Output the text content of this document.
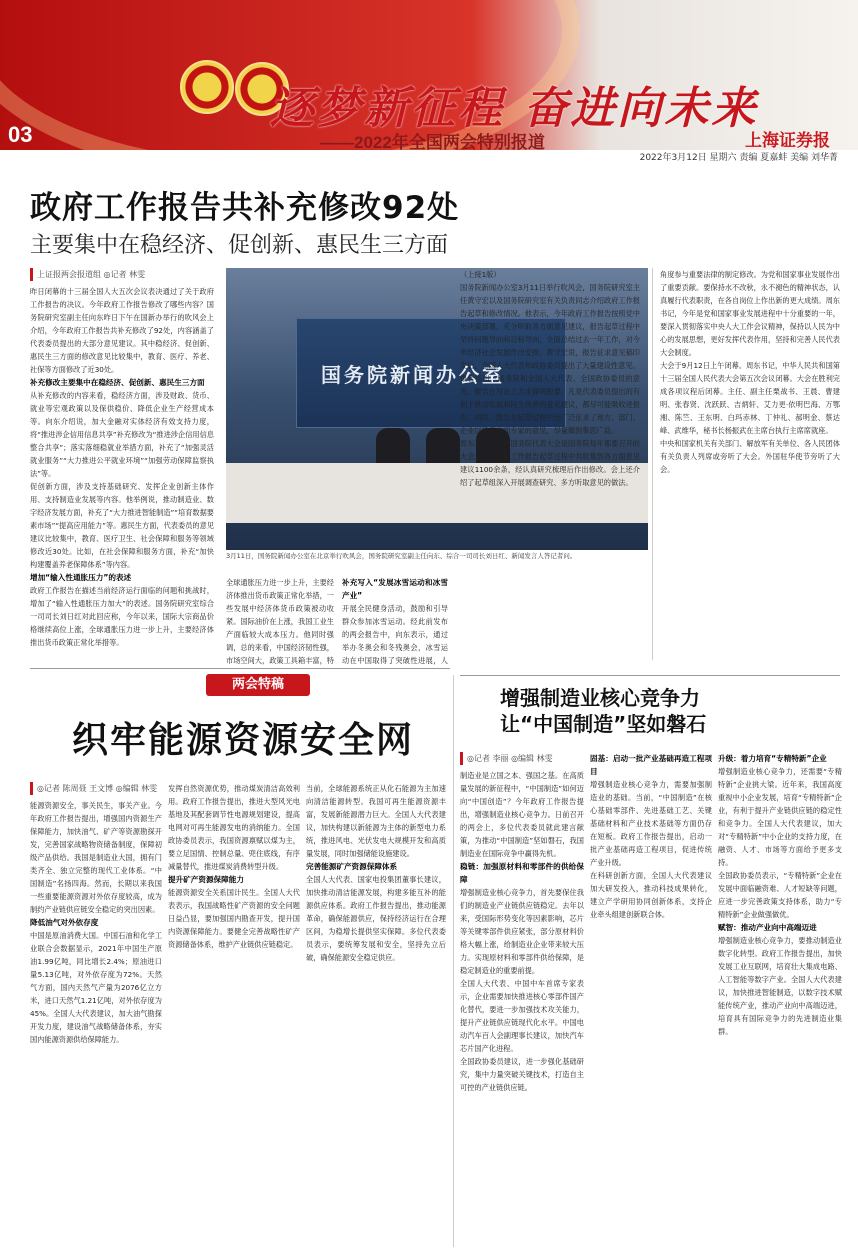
逐梦新征程 奋进向未来
——2022年全国两会特别报道
03	上海证券报
2022年3月12日 星期六 责编 夏嘉蚌 美编 刘华菁
政府工作报告共补充修改92处
主要集中在稳经济、促创新、惠民生三方面
上证报两会报道组 ◎记者 林雯

昨日闭幕的十三届全国人大五次会议表决通过了关于政府工作报告的决议。今年政府工作报告修改了哪些内容？国务院研究室副主任向东昨日下午在国新办举行的吹风会上介绍，今年政府工作报告共补充修改了92处，内容涵盖了代表委员提出的大部分意见建议。其中稳经济、促创新、惠民生三方面的修改意见比较集中，教育、医疗、养老、社保等方面修改了近30处。

补充修改主要集中在稳经济、促创新、惠民生三方面

从补充修改的内容来看，稳经济方面，涉及财政、货币、就业等宏观政策以及保供稳价、降低企业生产经营成本等。向东介绍说，加大金融对实体经济有效支持力度，将“推进涉企信用信息共享”补充修改为“推进涉企信用信息整合共享”；落实落细稳就业举措方面，补充了“加强灵活就业服务”“大力推进公平就业环境”“加强劳动保障监察执法”等。

促创新方面，涉及支持基础研究、发挥企业创新主体作用、支持制造业发展等内容。他举例说，推动制造业、数字经济发展方面，补充了“大力推进智能制造”“培育数据要素市场”“提高应用能力”等。惠民生方面，代表委员的意见建议比较集中，教育、医疗卫生、社会保障和服务等领域修改近30处。比如，在社会保障和服务方面，补充“加快构建覆盖养老保障体系”等内容。

增加“输入性通胀压力”的表述

政府工作报告在描述当前经济运行面临的问题和挑战时，增加了“输入性通胀压力加大”的表述。国务院研究室综合一司司长刘日红对此回应称，今年以来，国际大宗商品价格继续高位上涨，全球通胀压力进一步上升，主要经济体推出货币政策正常化举措等。

国务院新闻办公室
3月11日，国务院新闻办公室在北京举行吹风会，国务院研究室副主任向东、综合一司司长刘日红、新闻发言人答记者问。

全球通胀压力进一步上升，主要经济体推出货币政策正常化举措，一些发展中经济体货币政策被动收紧。国际油价在上涨，我国工业生产面临较大成本压力。他同时强调，总的来看，中国经济韧性强，市场空间大，政策工具箱丰富，特

补充写入“发展冰雪运动和冰雪产业”

开展全民健身活动，鼓励和引导群众参加冰雪运动。经此前发布的两会报告中，向东表示，通过举办冬奥会和冬残奥会，冰雪运动在中国取得了突破性进展，人

（上接1版）

国务院新闻办公室3月11日举行吹风会，国务院研究室主任黄守宏以及国务院研究室有关负责同志介绍政府工作报告起草和修改情况。他表示，今年政府工作报告按照党中央决策部署，充分听取各方面意见建议，报告起草过程中坚持问题导向和目标导向，全面总结过去一年工作，对今年经济社会发展作出安排。黄守宏说，报告征求意见稿印发后，全国人大代表和政协委员提出了大量建设性意见。

报告指出，国务院和全国人大代表、全国政协委员的意见，报告在写法上力求简明扼要，凡是代表委员提出的有利于推动发展和民生改善的意见建议，都尽可能吸收进报告。同时，报告在起草过程中还广泛征求了地方、部门、企业以及各方面专家的意见，尽量做到集思广益。

周东表示，本届国务院代表大会是国务院每年都要召开的大会之一，政府工作报告起草过程中共收集到各方面意见建议1100余条，经认真研究梳理后作出修改。会上还介绍了起草组深入开展调查研究、多方听取意见的做法。

角度参与重要法律的制定修改。为党和国家事业发展作出了重要贡献。要保持水不改秋，永不褪色的精神状态，认真履行代表职责，在各自岗位上作出新的更大成绩。周东书记，今年是党和国家事业发展进程中十分重要的一年，要深入贯彻落实中央人大工作会议精神，保持以人民为中心的发展思想，更好发挥代表作用，坚持和完善人民代表大会制度。

大会于9月12日上午闭幕。周东书记，中华人民共和国第十三届全国人民代表大会第五次会议闭幕。大会在胜利完成各项议程后闭幕。主任、副主任栗战书、王晨、曹建明、张春贤、沈跃跃、吉炳轩、艾力更·依明巴海、万鄂湘、陈竺、王东明、白玛赤林、丁仲礼、郝明金、蔡达峰、武维华，秘书长杨振武在主席台执行主席席就座。

中央和国家机关有关部门、解放军有关单位、各人民团体有关负责人列席或旁听了大会。外国驻华使节旁听了大会。

增强制造业核心竞争力
让“中国制造”坚如磐石
◎记者 李丽 ◎编辑 林雯

制造业是立国之本、强国之基。在高质量发展的新征程中，“中国制造”如何迈向“中国创造”？今年政府工作报告提出，增强制造业核心竞争力。日前召开的两会上，多位代表委员就此建言献策，为推动“中国制造”坚如磐石，我国制造业在国际竞争中赢得先机。

稳链：加强原材料和零部件的供给保障

增强制造业核心竞争力，首先要保住我们的制造业产业链供应链稳定。去年以来，受国际形势变化等因素影响，芯片等关键零部件供应紧张，部分原材料价格大幅上涨，给制造业企业带来较大压力。实现原材料和零部件供给保障，是稳定制造业的重要前提。

全国人大代表、中国中车首席专家表示，企业需要加快推进核心零部件国产化替代，要进一步加强技术攻关能力，提升产业链供应链现代化水平。中国电动汽车百人会副理事长建议，加快汽车芯片国产化进程。

全国政协委员建议，进一步强化基础研究，集中力量突破关键技术，打造自主可控的产业链供应链。

固基：启动一批产业基础再造工程项目

增强制造业核心竞争力，需要加强制造业的基础。当前，“中国制造”在核心基础零部件、先进基础工艺、关键基础材料和产业技术基础等方面仍存在短板。政府工作报告提出，启动一批产业基础再造工程项目，促进传统产业升级。

在科研创新方面，全国人大代表建议加大研发投入，推动科技成果转化，建立产学研用协同创新体系，支持企业牵头组建创新联合体。

升级：着力培育“专精特新”企业

增强制造业核心竞争力，还需要“专精特新”企业挑大梁。近年来，我国高度重视中小企业发展，培育“专精特新”企业，有利于提升产业链供应链的稳定性和竞争力。全国人大代表建议，加大对“专精特新”中小企业的支持力度，在融资、人才、市场等方面给予更多支持。

全国政协委员表示，“专精特新”企业在发展中面临融资难、人才短缺等问题，应进一步完善政策支持体系，助力“专精特新”企业做强做优。

赋智：推动产业向中高端迈进

增强制造业核心竞争力，要推动制造业数字化转型。政府工作报告提出，加快发展工业互联网，培育壮大集成电路、人工智能等数字产业。全国人大代表建议，加快推进智能制造，以数字技术赋能传统产业，推动产业向中高端迈进，培育具有国际竞争力的先进制造业集群。

两会特稿
织牢能源资源安全网
◎记者 陈周聂 王文博 ◎编辑 林雯

能源资源安全，事关民生，事关产业。今年政府工作报告提出，增强国内资源生产保障能力，加快油气、矿产等资源勘探开发，完善国家战略物资储备制度，保障初级产品供给。我国是制造业大国，拥有门类齐全、独立完整的现代工业体系。“中国制造”名扬四海。然而，长期以来我国一些重要能源资源对外依存度较高，成为制约产业链供应链安全稳定的突出因素。

降低油气对外依存度

中国是原油消费大国。中国石油和化学工业联合会数据显示，2021年中国生产原油1.99亿吨，同比增长2.4%；原油进口量5.13亿吨，对外依存度为72%。天然气方面，国内天然气产量为2076亿立方米，进口天然气1.21亿吨，对外依存度为45%。全国人大代表建议，加大油气勘探开发力度，建设油气战略储备体系，夯实国内能源资源供给保障能力。

发挥自然资源优势，推动煤炭清洁高效利用。政府工作报告提出，推进大型风光电基地及其配套调节性电源规划建设，提高电网对可再生能源发电的消纳能力。全国政协委员表示，我国资源禀赋以煤为主，要立足国情、控制总量、兜住底线，有序减量替代，推进煤炭消费转型升级。

提升矿产资源保障能力

能源资源安全关系国计民生。全国人大代表表示，我国战略性矿产资源的安全问题日益凸显，要加强国内勘查开发，提升国内资源保障能力。要健全完善战略性矿产资源储备体系，维护产业链供应链稳定。

当前，全球能源系统正从化石能源为主加速向清洁能源转型。我国可再生能源资源丰富，发展新能源潜力巨大。全国人大代表建议，加快构建以新能源为主体的新型电力系统，推进风电、光伏发电大规模开发和高质量发展，同时加强储能设施建设。

完善能源矿产资源保障体系

全国人大代表、国家电投集团董事长建议，加快推动清洁能源发展，构建多能互补的能源供应体系。政府工作报告提出，推动能源革命，确保能源供应，保持经济运行在合理区间，为稳增长提供坚实保障。多位代表委员表示，要统筹发展和安全，坚持先立后破，确保能源安全稳定供应。
